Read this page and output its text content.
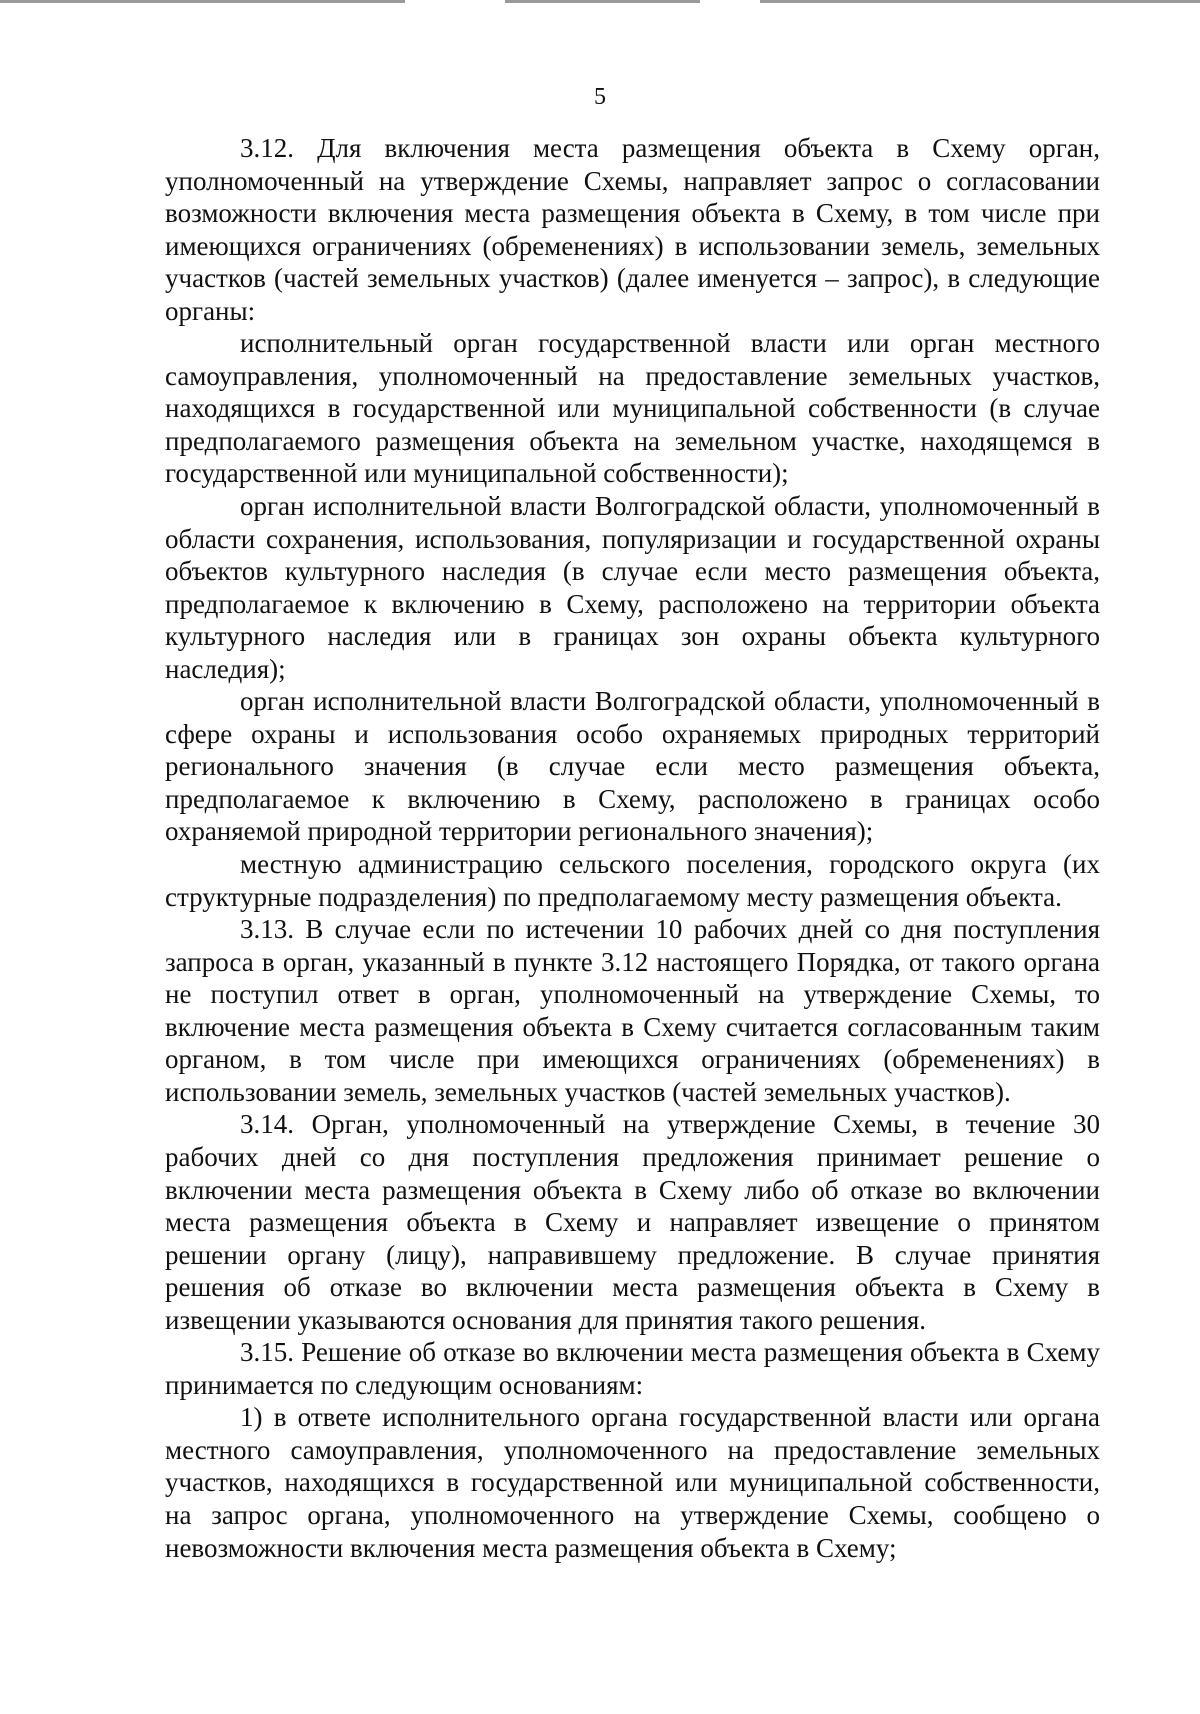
5

3.12. Для включения места размещения объекта в Схему орган, уполномоченный на утверждение Схемы, направляет запрос о согласовании возможности включения места размещения объекта в Схему, в том числе при имеющихся ограничениях (обременениях) в использовании земель, земельных участков (частей земельных участков) (далее именуется – запрос), в следующие органы:

исполнительный орган государственной власти или орган местного самоуправления, уполномоченный на предоставление земельных участков, находящихся в государственной или муниципальной собственности (в случае предполагаемого размещения объекта на земельном участке, находящемся в государственной или муниципальной собственности);

орган исполнительной власти Волгоградской области, уполномоченный в области сохранения, использования, популяризации и государственной охраны объектов культурного наследия (в случае если место размещения объекта, предполагаемое к включению в Схему, расположено на территории объекта культурного наследия или в границах зон охраны объекта культурного наследия);

орган исполнительной власти Волгоградской области, уполномоченный в сфере охраны и использования особо охраняемых природных территорий регионального значения (в случае если место размещения объекта, предполагаемое к включению в Схему, расположено в границах особо охраняемой природной территории регионального значения);

местную администрацию сельского поселения, городского округа (их структурные подразделения) по предполагаемому месту размещения объекта.

3.13. В случае если по истечении 10 рабочих дней со дня поступления запроса в орган, указанный в пункте 3.12 настоящего Порядка, от такого органа не поступил ответ в орган, уполномоченный на утверждение Схемы, то включение места размещения объекта в Схему считается согласованным таким органом, в том числе при имеющихся ограничениях (обременениях) в использовании земель, земельных участков (частей земельных участков).

3.14. Орган, уполномоченный на утверждение Схемы, в течение 30 рабочих дней со дня поступления предложения принимает решение о включении места размещения объекта в Схему либо об отказе во включении места размещения объекта в Схему и направляет извещение о принятом решении органу (лицу), направившему предложение. В случае принятия решения об отказе во включении места размещения объекта в Схему в извещении указываются основания для принятия такого решения.

3.15. Решение об отказе во включении места размещения объекта в Схему принимается по следующим основаниям:

1) в ответе исполнительного органа государственной власти или органа местного самоуправления, уполномоченного на предоставление земельных участков, находящихся в государственной или муниципальной собственности, на запрос органа, уполномоченного на утверждение Схемы, сообщено о невозможности включения места размещения объекта в Схему;
